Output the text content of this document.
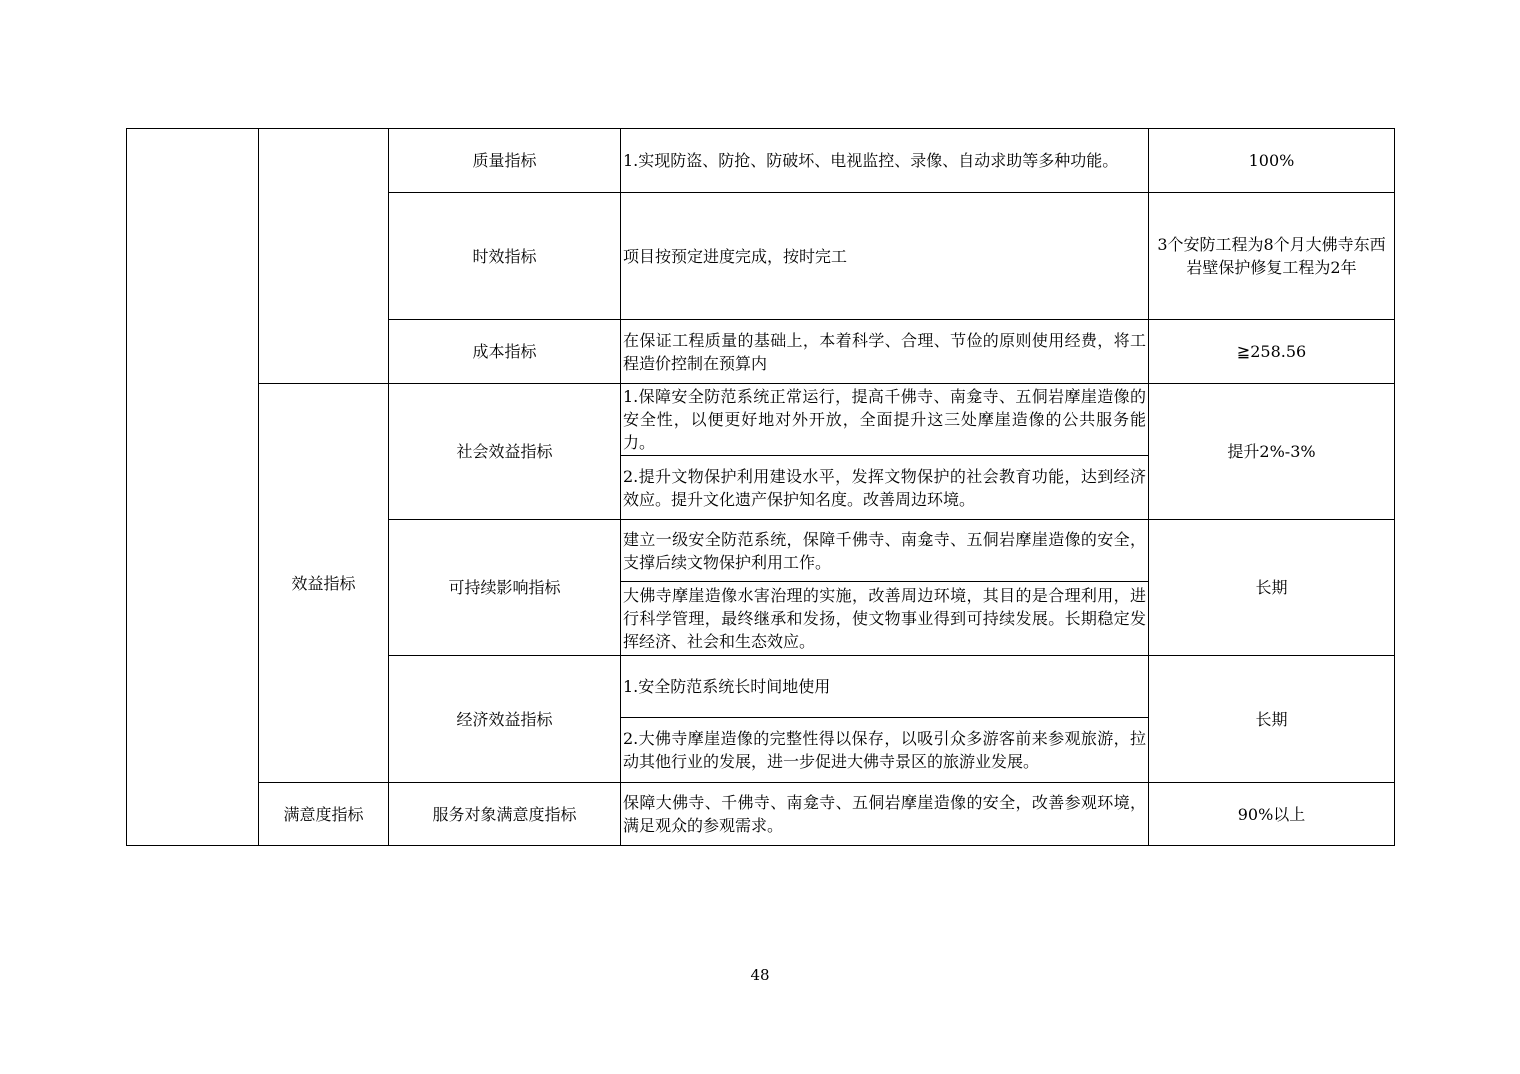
		质量指标	1.实现防盗、防抢、防破坏、电视监控、录像、自动求助等多种功能。	100%
		时效指标	项目按预定进度完成，按时完工	3个安防工程为8个月大佛寺东西岩壁保护修复工程为2年
		成本指标	在保证工程质量的基础上，本着科学、合理、节俭的原则使用经费，将工程造价控制在预算内	≧258.56
	效益指标	社会效益指标	1.保障安全防范系统正常运行，提高千佛寺、南龛寺、五侗岩摩崖造像的安全性，以便更好地对外开放，全面提升这三处摩崖造像的公共服务能力。	提升2%-3%
			2.提升文物保护利用建设水平，发挥文物保护的社会教育功能，达到经济效应。提升文化遗产保护知名度。改善周边环境。	
		可持续影响指标	建立一级安全防范系统，保障千佛寺、南龛寺、五侗岩摩崖造像的安全，支撑后续文物保护利用工作。	长期
			大佛寺摩崖造像水害治理的实施，改善周边环境，其目的是合理利用，进行科学管理，最终继承和发扬，使文物事业得到可持续发展。长期稳定发挥经济、社会和生态效应。	
		经济效益指标	1.安全防范系统长时间地使用	长期
			2.大佛寺摩崖造像的完整性得以保存，以吸引众多游客前来参观旅游，拉动其他行业的发展，进一步促进大佛寺景区的旅游业发展。	
	满意度指标	服务对象满意度指标	保障大佛寺、千佛寺、南龛寺、五侗岩摩崖造像的安全，改善参观环境，满足观众的参观需求。	90%以上
48
